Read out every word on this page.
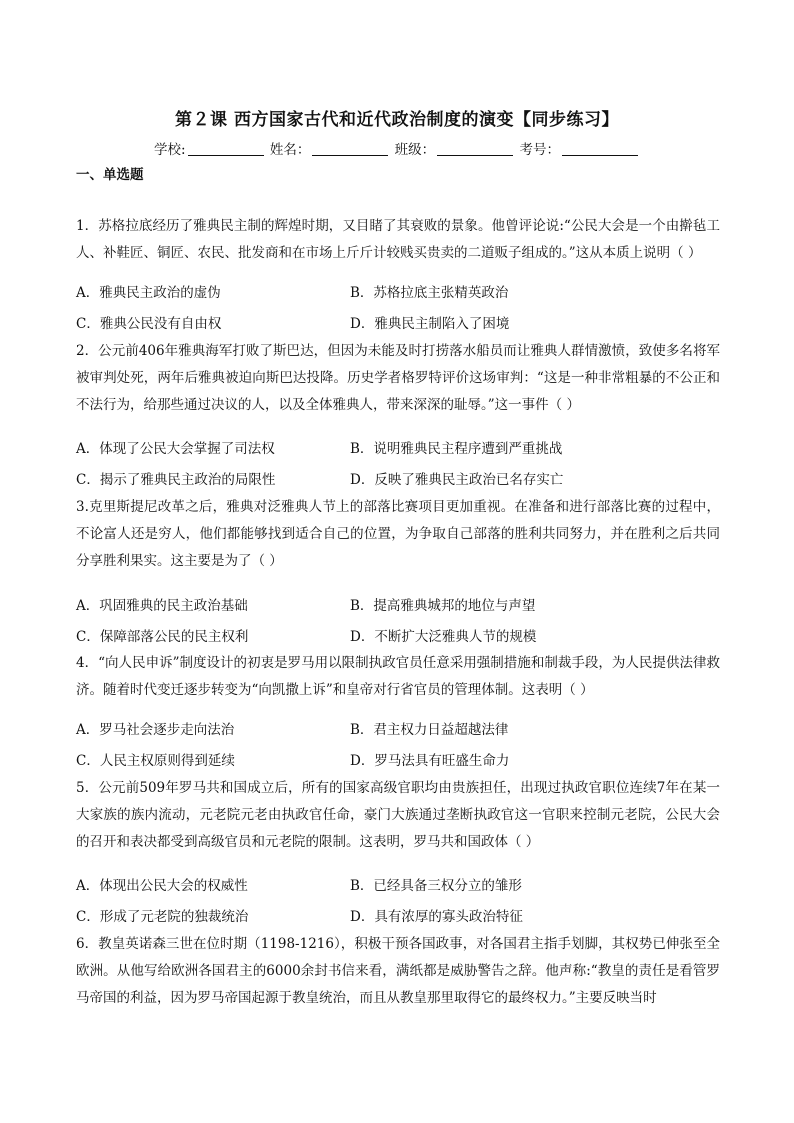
第２课 西方国家古代和近代政治制度的演变【同步练习】
学校:	姓名：	班级：	考号：
一、单选题
1．苏格拉底经历了雅典民主制的辉煌时期，又目睹了其衰败的景象。他曾评论说:“公民大会是一个由擀毡工人、补鞋匠、铜匠、农民、批发商和在市场上斤斤计较贱买贵卖的二道贩子组成的。”这从本质上说明（ ）
A．雅典民主政治的虚伪	B．苏格拉底主张精英政治
C．雅典公民没有自由权	D．雅典民主制陷入了困境
2．公元前406年雅典海军打败了斯巴达，但因为未能及时打捞落水船员而让雅典人群情激愤，致使多名将军被审判处死，两年后雅典被迫向斯巴达投降。历史学者格罗特评价这场审判：“这是一种非常粗暴的不公正和不法行为，给那些通过决议的人，以及全体雅典人，带来深深的耻辱。”这一事件（ ）
A．体现了公民大会掌握了司法权	B．说明雅典民主程序遭到严重挑战
C．揭示了雅典民主政治的局限性	D．反映了雅典民主政治已名存实亡
3.克里斯提尼改革之后，雅典对泛雅典人节上的部落比赛项目更加重视。在准备和进行部落比赛的过程中，不论富人还是穷人，他们都能够找到适合自己的位置，为争取自己部落的胜利共同努力，并在胜利之后共同分享胜利果实。这主要是为了（ ）
A．巩固雅典的民主政治基础	B．提高雅典城邦的地位与声望
C．保障部落公民的民主权利	D．不断扩大泛雅典人节的规模
4．“向人民申诉”制度设计的初衷是罗马用以限制执政官员任意采用强制措施和制裁手段，为人民提供法律救济。随着时代变迁逐步转变为“向凯撒上诉”和皇帝对行省官员的管理体制。这表明（ ）
A．罗马社会逐步走向法治	B．君主权力日益超越法律
C．人民主权原则得到延续	D．罗马法具有旺盛生命力
5．公元前509年罗马共和国成立后，所有的国家高级官职均由贵族担任，出现过执政官职位连续7年在某一大家族的族内流动，元老院元老由执政官任命，豪门大族通过垄断执政官这一官职来控制元老院，公民大会的召开和表决都受到高级官员和元老院的限制。这表明，罗马共和国政体（ ）
A．体现出公民大会的权威性	B．已经具备三权分立的雏形
C．形成了元老院的独裁统治	D．具有浓厚的寡头政治特征
6．教皇英诺森三世在位时期（1198-1216），积极干预各国政事，对各国君主指手划脚，其权势已伸张至全欧洲。从他写给欧洲各国君主的6000余封书信来看，满纸都是威胁警告之辞。他声称:“教皇的责任是看管罗马帝国的利益，因为罗马帝国起源于教皇统治，而且从教皇那里取得它的最终权力。”主要反映当时
